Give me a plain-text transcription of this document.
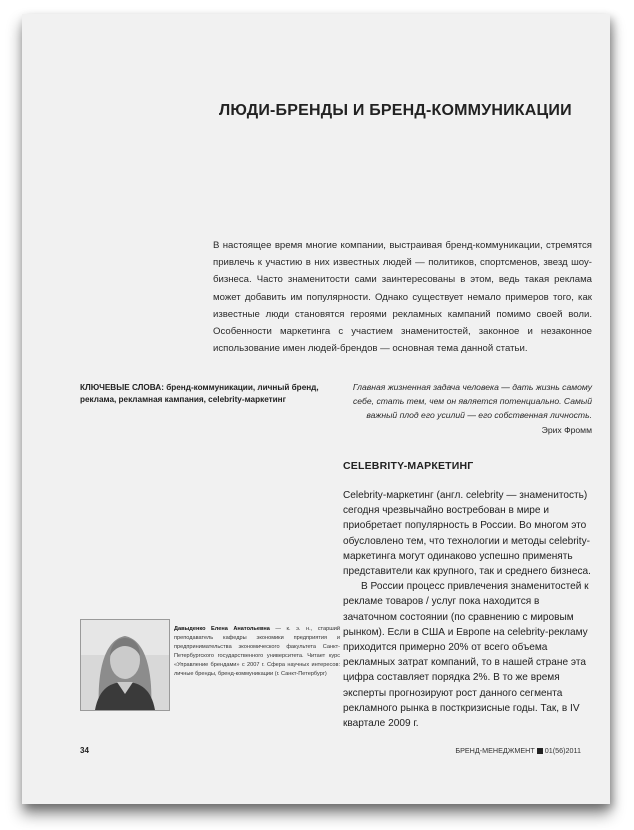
ЛЮДИ-БРЕНДЫ И БРЕНД-КОММУНИКАЦИИ

В настоящее время многие компании, выстраивая бренд-коммуникации, стремятся привлечь к участию в них известных людей — политиков, спортсменов, звезд шоу-бизнеса. Часто знаменитости сами заинтересованы в этом, ведь такая реклама может добавить им популярности. Однако существует немало примеров того, как известные люди становятся героями рекламных кампаний помимо своей воли. Особенности маркетинга с участием знаменитостей, законное и незаконное использование имен людей-брендов — основная тема данной статьи.

КЛЮЧЕВЫЕ СЛОВА: бренд-коммуникации, личный бренд, реклама, рекламная кампания, celebrity-маркетинг
Главная жизненная задача человека — дать жизнь самому себе, стать тем, чем он является потенциально. Самый важный плод его усилий — его собственная личность.
Эрих Фромм
CELEBRITY-МАРКЕТИНГ

Celebrity-маркетинг (англ. celebrity — знаменитость) сегодня чрезвычайно востребован в мире и приобретает популярность в России. Во многом это обусловлено тем, что технологии и методы celebrity-маркетинга могут одинаково успешно применять представители как крупного, так и среднего бизнеса.

В России процесс привлечения знаменитостей к рекламе товаров / услуг пока находится в зачаточном состоянии (по сравнению с мировым рынком). Если в США и Европе на celebrity-рекламу приходится примерно 20% от всего объема рекламных затрат компаний, то в нашей стране эта цифра составляет порядка 2%. В то же время эксперты прогнозируют рост данного сегмента рекламного рынка в посткризисные годы. Так, в IV квартале 2009 г.

Давыденко Елена Анатольевна — к. э. н., старший преподаватель кафедры экономики предприятия и предпринимательства экономического факультета Санкт-Петербургского государственного университета. Читает курс «Управление брендами» с 2007 г. Сфера научных интересов: личные бренды, бренд-коммуникации (г. Санкт-Петербург)
34	БРЕНД-МЕНЕДЖМЕНТ 01(56)2011
